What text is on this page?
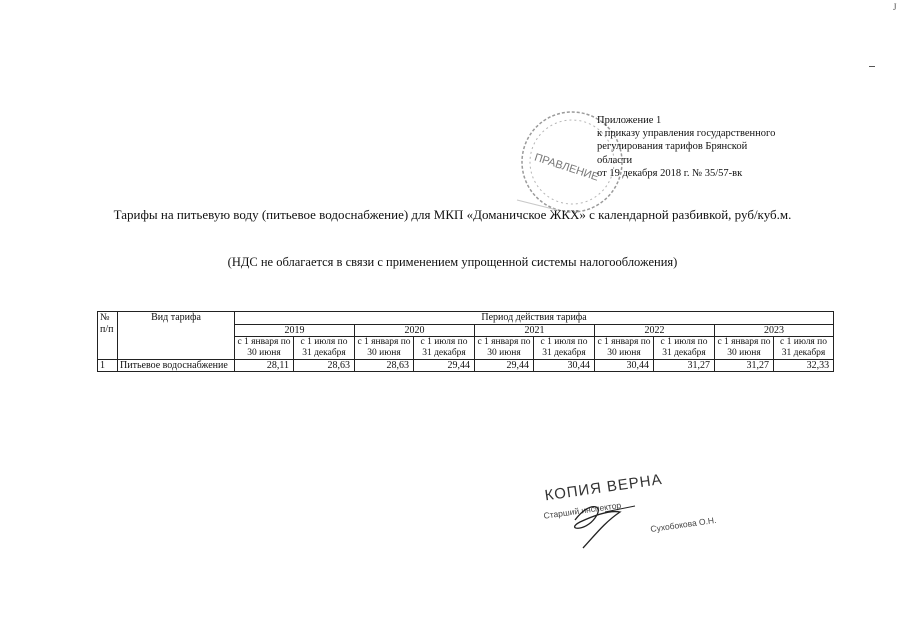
J
ПРАВЛЕНИЕ
Приложение 1
к приказу управления государственного
регулирования тарифов Брянской
области
от 19 декабря 2018 г. № 35/57-вк
Тарифы на питьевую воду (питьевое водоснабжение) для МКП «Доманичское ЖКХ» с календарной разбивкой, руб/куб.м.
(НДС не облагается в связи с применением упрощенной системы налогообложения)
№ п/п	Вид тарифа	Период действия тарифа									
		2019		2020		2021		2022		2023	
		с 1 января по 30 июня	с 1 июля по 31 декабря	с 1 января по 30 июня	с 1 июля по 31 декабря	с 1 января по 30 июня	с 1 июля по 31 декабря	с 1 января по 30 июня	с 1 июля по 31 декабря	с 1 января по 30 июня	с 1 июля по 31 декабря
1	Питьевое водоснабжение	28,11	28,63	28,63	29,44	29,44	30,44	30,44	31,27	31,27	32,33
КОПИЯ ВЕРНА
Старший инспектор
Сухобокова О.Н.
